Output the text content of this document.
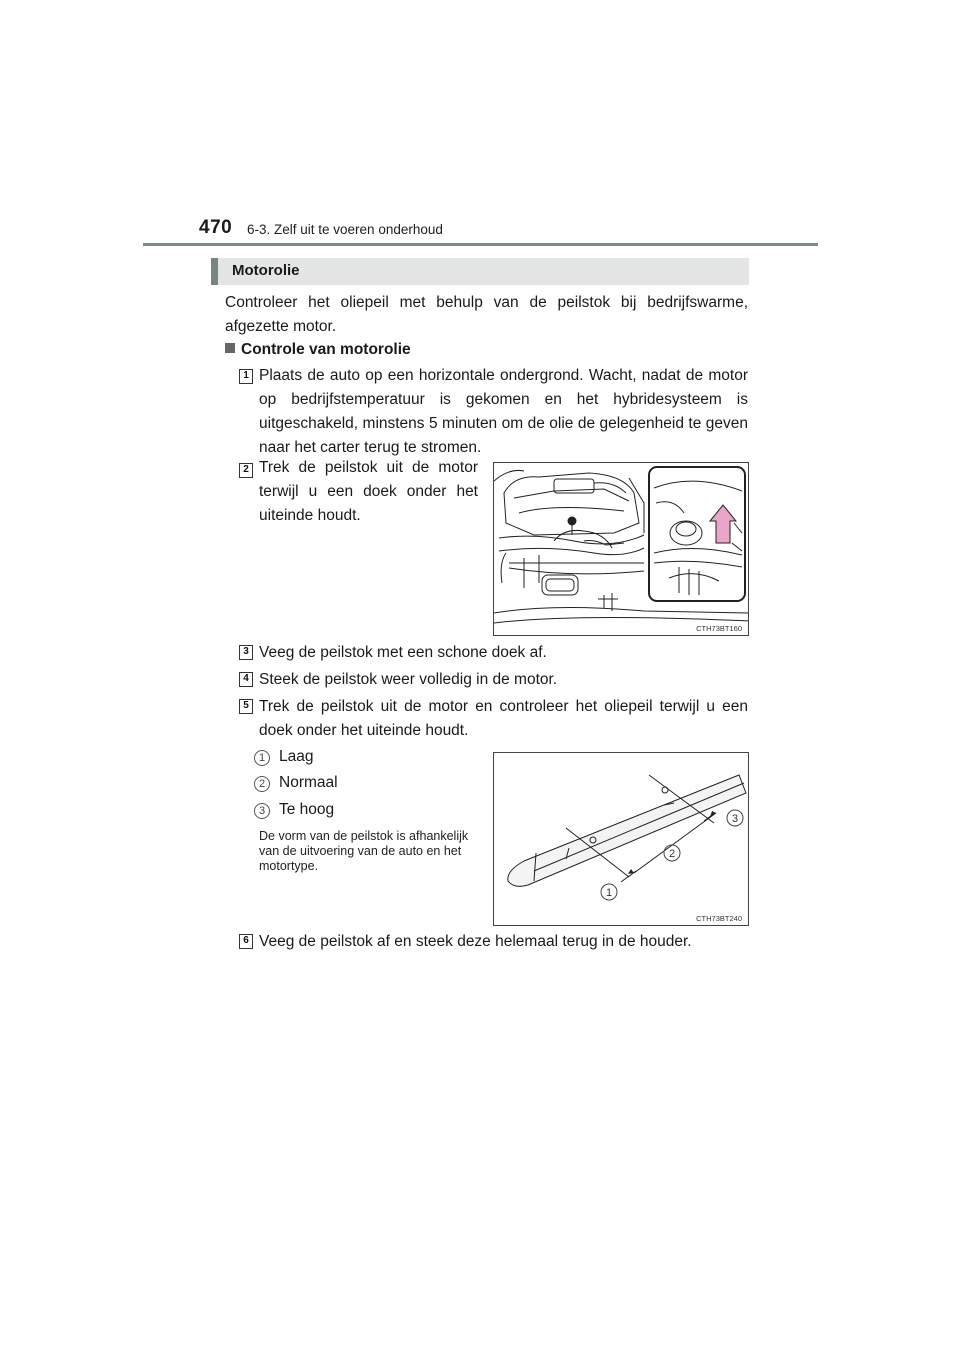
470 6-3. Zelf uit te voeren onderhoud
Motorolie
Controleer het oliepeil met behulp van de peilstok bij bedrijfswarme, afgezette motor.
Controle van motorolie
1 Plaats de auto op een horizontale ondergrond. Wacht, nadat de motor op bedrijfstemperatuur is gekomen en het hybridesysteem is uitgeschakeld, minstens 5 minuten om de olie de gelegenheid te geven naar het carter terug te stromen.
2 Trek de peilstok uit de motor terwijl u een doek onder het uiteinde houdt.
CTH73BT160
3 Veeg de peilstok met een schone doek af.
4 Steek de peilstok weer volledig in de motor.
5 Trek de peilstok uit de motor en controleer het oliepeil terwijl u een doek onder het uiteinde houdt.
1 Laag
2 Normaal
3 Te hoog
De vorm van de peilstok is afhankelijk van de uitvoering van de auto en het motortype.
1
2
3
CTH73BT240
6 Veeg de peilstok af en steek deze helemaal terug in de houder.
